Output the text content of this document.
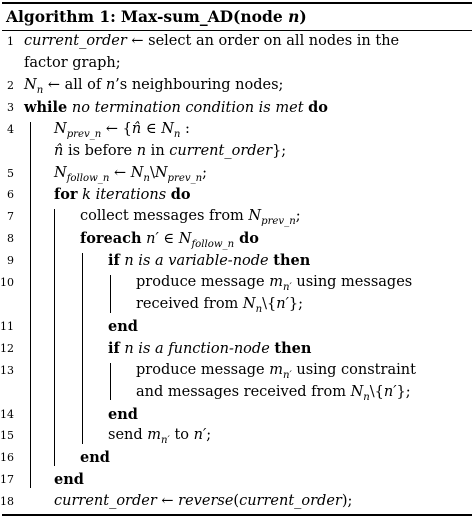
Algorithm 1: Max-sum_AD(node n)
1 current_order ← select an order on all nodes in the
factor graph;
2 $N_n$ ← all of n’s neighbouring nodes;
3 while no termination condition is met do
4	$N_{prev\_n}$ ← {n̂ ∈ $N_n$ :
n̂ is before n in current_order};
5	$N_{follow\_n}$ ← $N_n\backslash N_{prev\_n}$;
6	for k iterations do
7	collect messages from $N_{prev\_n}$;
8	foreach n′ ∈ $N_{follow\_n}$ do
9	if n is a variable-node then
10	produce message $m_{n'}$ using messages
received from $N_n\backslash\{n'\}$;
11	end
12	if n is a function-node then
13	produce message $m_{n'}$ using constraint
and messages received from $N_n\backslash\{n'\}$;
14	end
15	send $m_{n'}$ to n′;
16	end
17	end
18	current_order ← reverse(current_order);
